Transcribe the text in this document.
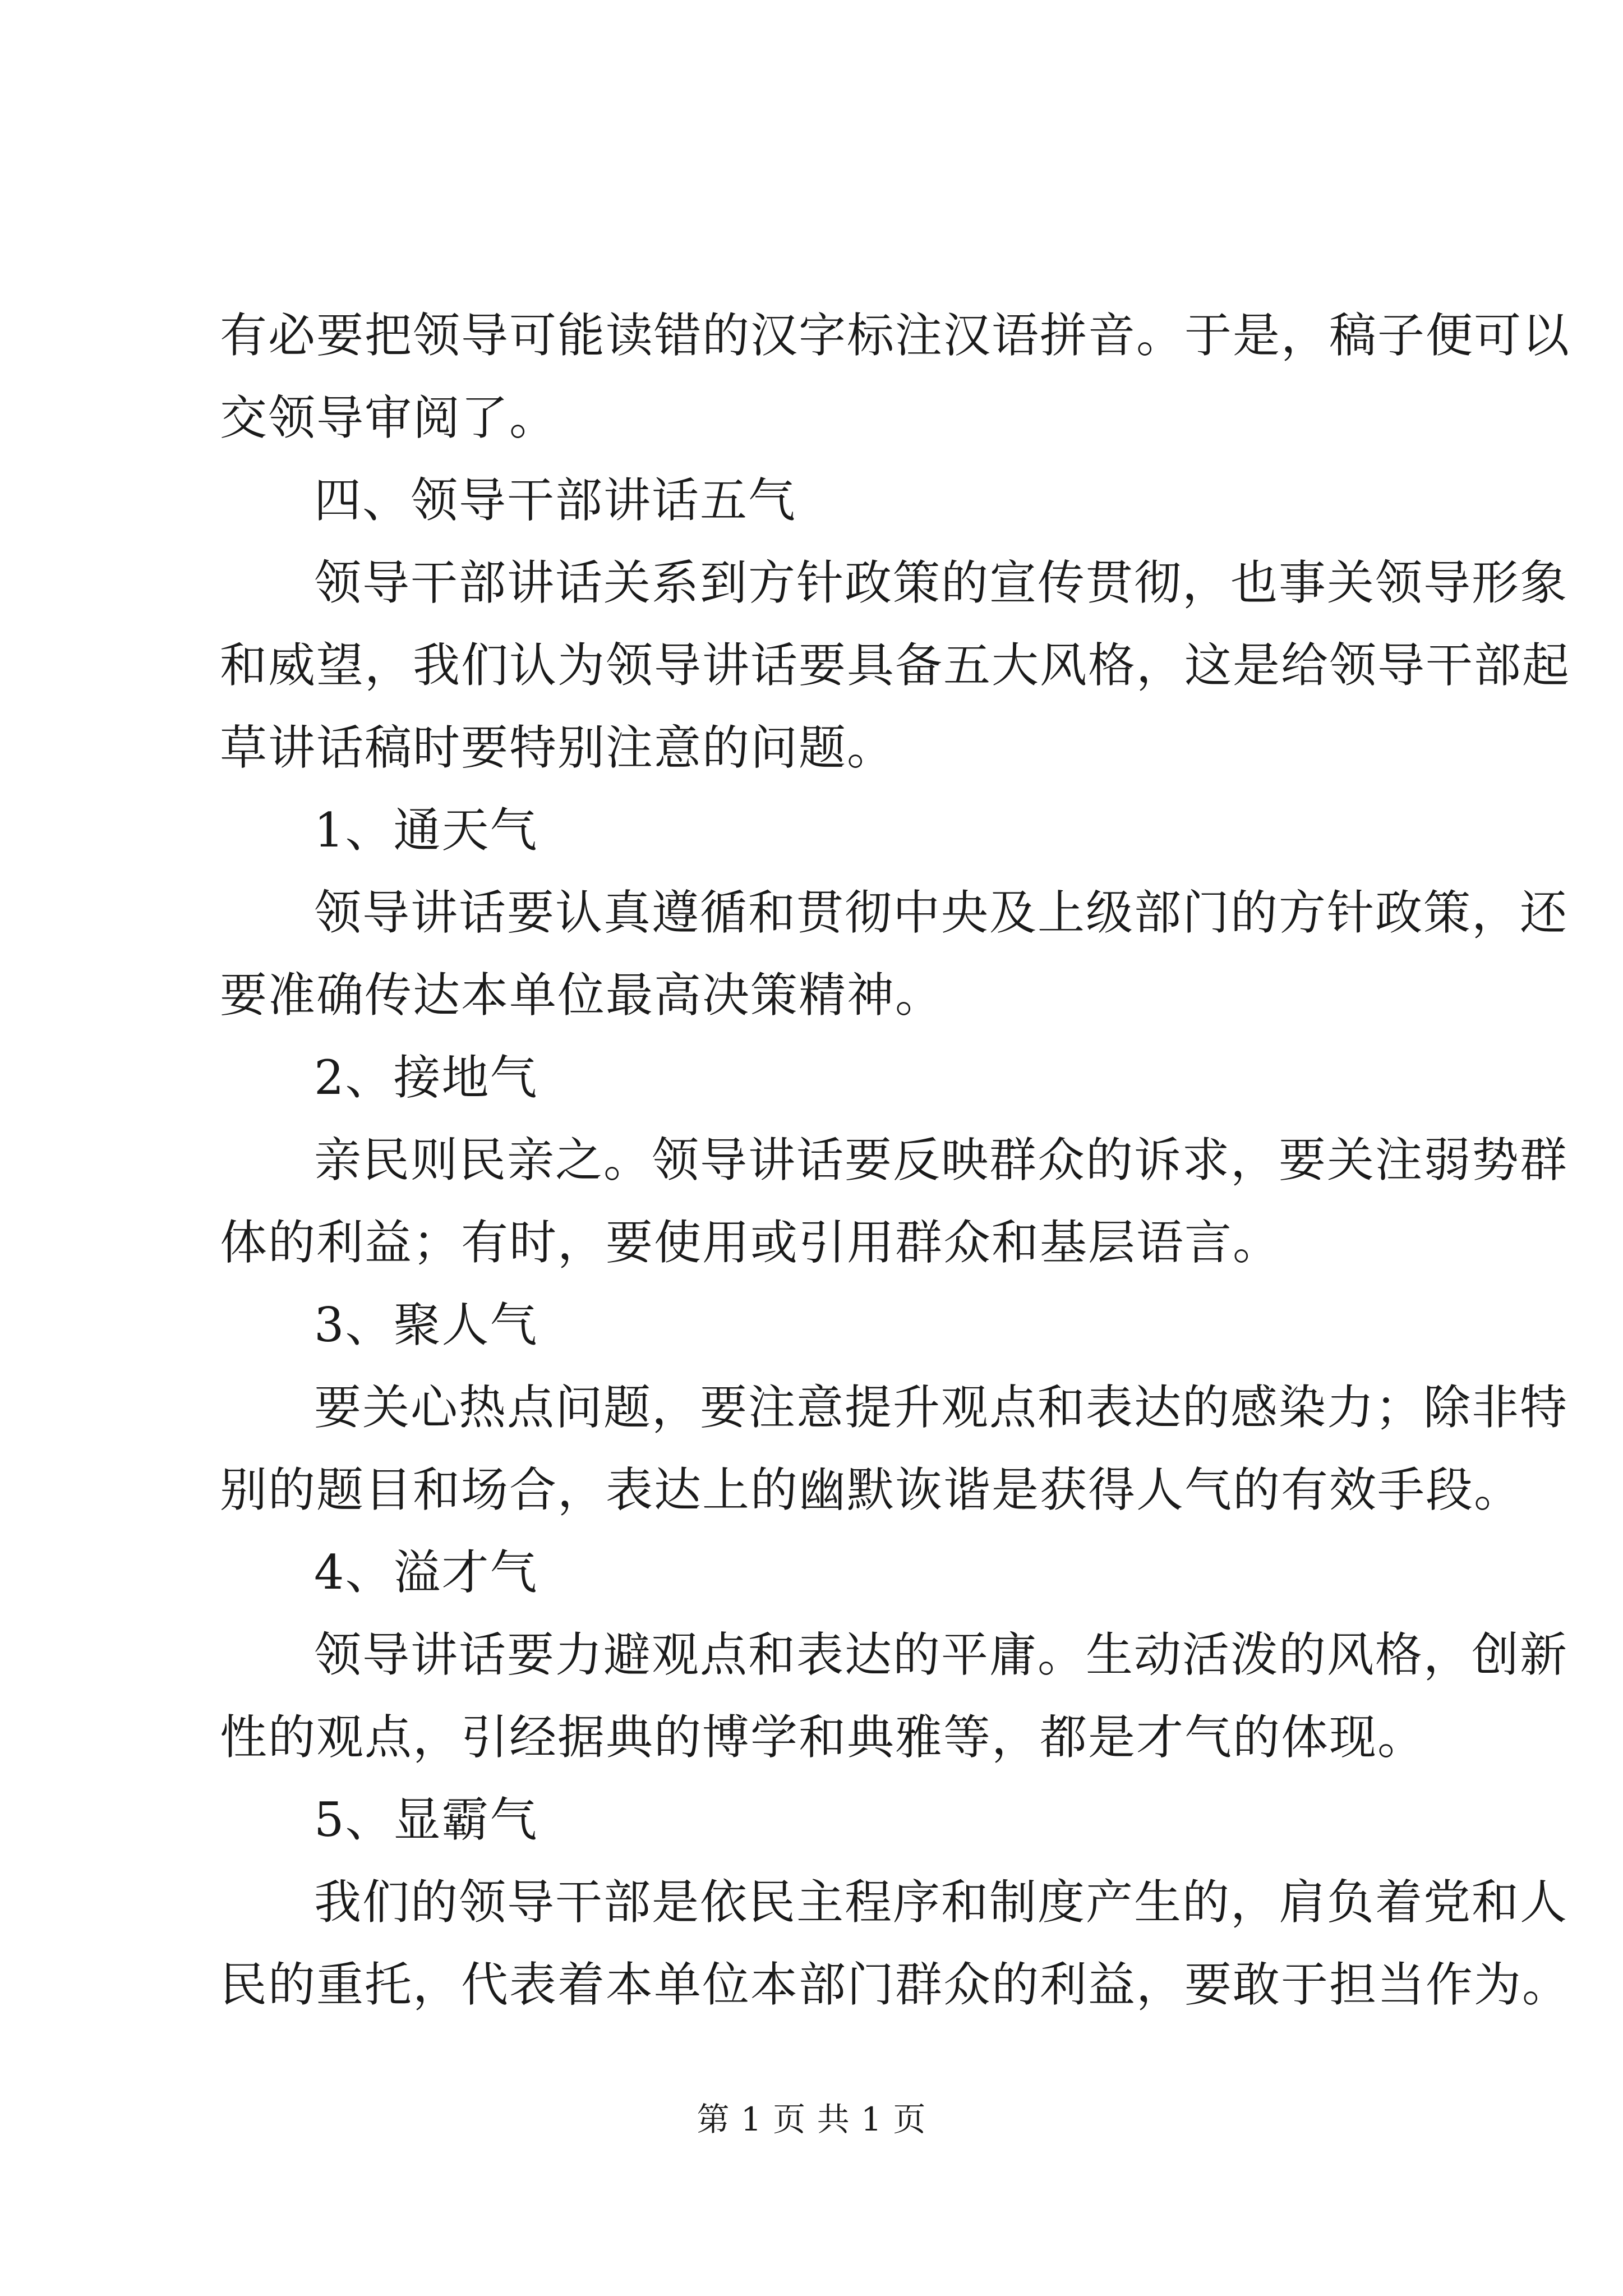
有必要把领导可能读错的汉字标注汉语拼音。于是，稿子便可以
交领导审阅了。
四、领导干部讲话五气
领导干部讲话关系到方针政策的宣传贯彻，也事关领导形象
和威望，我们认为领导讲话要具备五大风格，这是给领导干部起
草讲话稿时要特别注意的问题。
1、通天气
领导讲话要认真遵循和贯彻中央及上级部门的方针政策，还
要准确传达本单位最高决策精神。
2、接地气
亲民则民亲之。领导讲话要反映群众的诉求，要关注弱势群
体的利益；有时，要使用或引用群众和基层语言。
3、聚人气
要关心热点问题，要注意提升观点和表达的感染力；除非特
别的题目和场合，表达上的幽默诙谐是获得人气的有效手段。
4、溢才气
领导讲话要力避观点和表达的平庸。生动活泼的风格，创新
性的观点，引经据典的博学和典雅等，都是才气的体现。
5、显霸气
我们的领导干部是依民主程序和制度产生的，肩负着党和人
民的重托，代表着本单位本部门群众的利益，要敢于担当作为。
第 1 页 共 1 页
